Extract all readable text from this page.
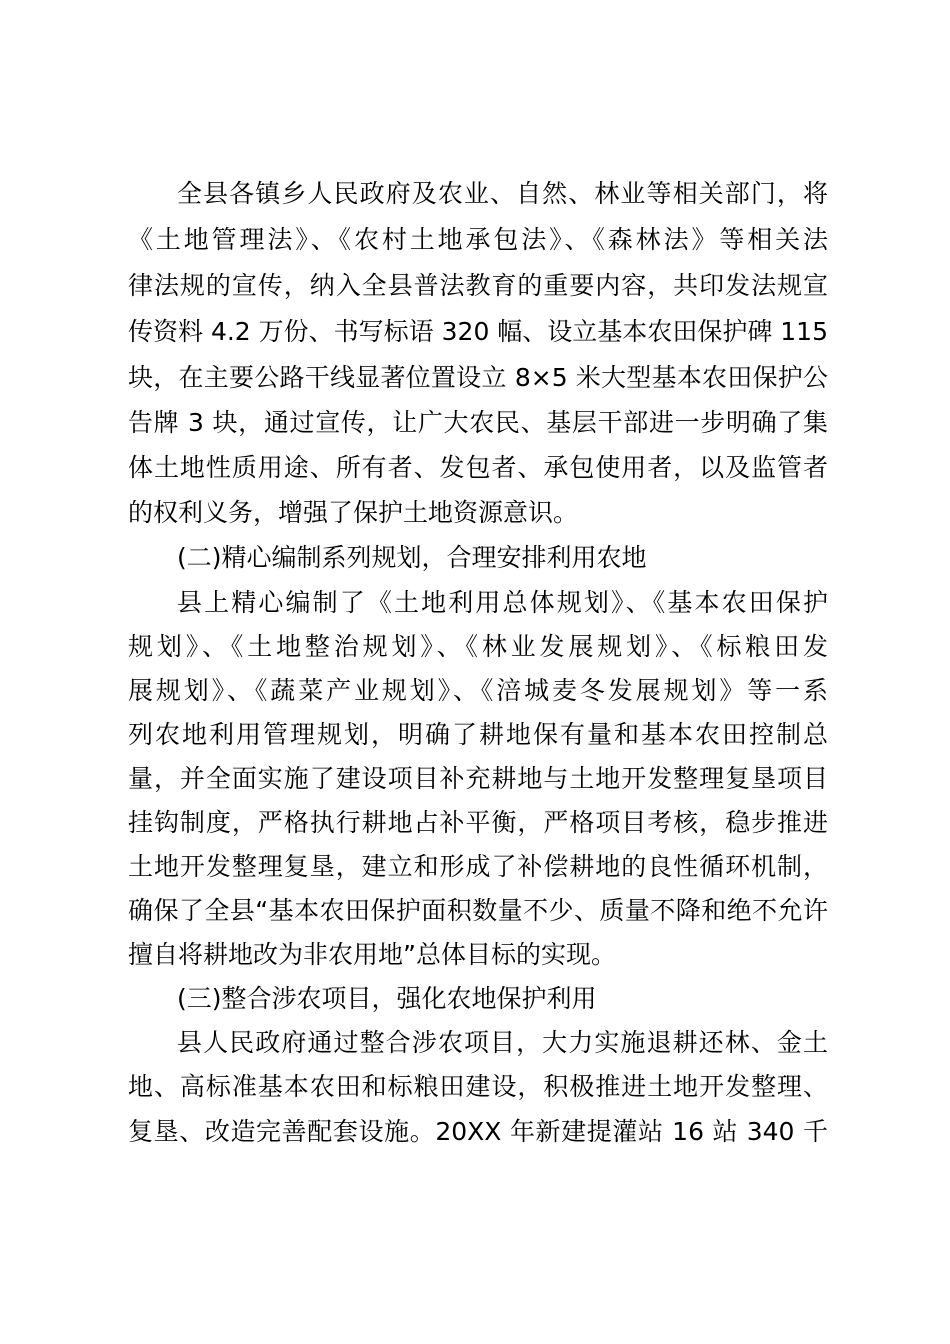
全县各镇乡人民政府及农业、自然、林业等相关部门，将
《土地管理法》、《农村土地承包法》、《森林法》等相关法
律法规的宣传，纳入全县普法教育的重要内容，共印发法规宣
传资料 4.2 万份、书写标语 320 幅、设立基本农田保护碑 115
块，在主要公路干线显著位置设立 8×5 米大型基本农田保护公
告牌 3 块，通过宣传，让广大农民、基层干部进一步明确了集
体土地性质用途、所有者、发包者、承包使用者，以及监管者
的权利义务，增强了保护土地资源意识。
(二)精心编制系列规划，合理安排利用农地
县上精心编制了《土地利用总体规划》、《基本农田保护
规划》、《土地整治规划》、《林业发展规划》、《标粮田发
展规划》、《蔬菜产业规划》、《涪城麦冬发展规划》等一系
列农地利用管理规划，明确了耕地保有量和基本农田控制总
量，并全面实施了建设项目补充耕地与土地开发整理复垦项目
挂钩制度，严格执行耕地占补平衡，严格项目考核，稳步推进
土地开发整理复垦，建立和形成了补偿耕地的良性循环机制，
确保了全县“基本农田保护面积数量不少、质量不降和绝不允许
擅自将耕地改为非农用地”总体目标的实现。
(三)整合涉农项目，强化农地保护利用
县人民政府通过整合涉农项目，大力实施退耕还林、金土
地、高标准基本农田和标粮田建设，积极推进土地开发整理、
复垦、改造完善配套设施。20XX 年新建提灌站 16 站 340 千
